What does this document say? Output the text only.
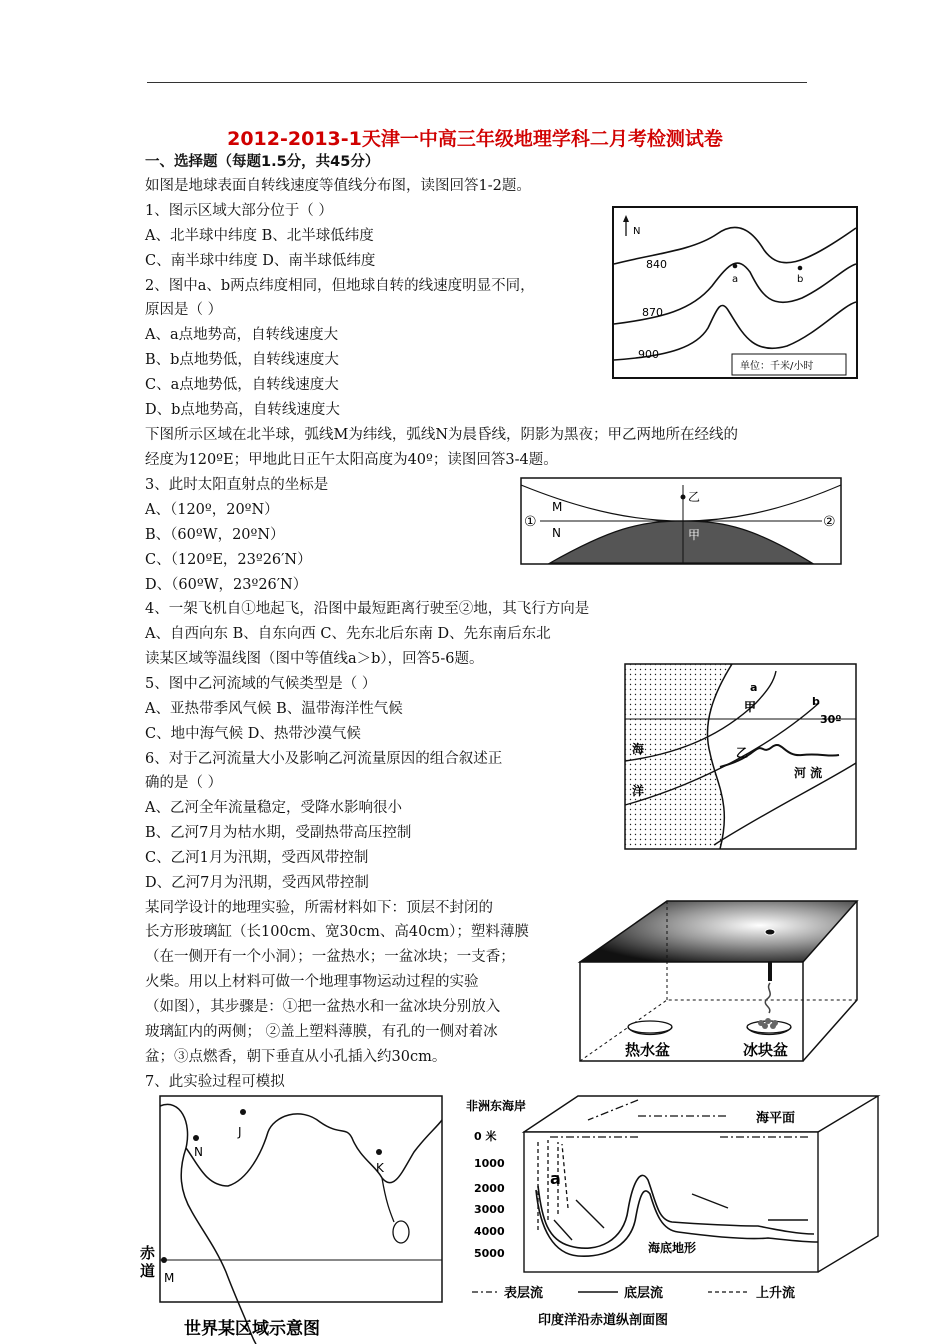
2012-2013-1天津一中高三年级地理学科二月考检测试卷
一、选择题（每题1.5分，共45分）
如图是地球表面自转线速度等值线分布图，读图回答1-2题。
1、图示区域大部分位于（ ）
A、北半球中纬度 B、北半球低纬度
C、南半球中纬度 D、南半球低纬度
2、图中a、b两点纬度相同，但地球自转的线速度明显不同，
原因是（ ）
A、a点地势高，自转线速度大
B、b点地势低，自转线速度大
C、a点地势低，自转线速度大
D、b点地势高，自转线速度大
下图所示区域在北半球，弧线M为纬线，弧线N为晨昏线，阴影为黑夜；甲乙两地所在经线的
经度为120ºE；甲地此日正午太阳高度为40º；读图回答3-4题。
3、此时太阳直射点的坐标是
A、（120º，20ºN）
B、（60ºW，20ºN）
C、（120ºE，23º26′N）
D、（60ºW，23º26′N）
4、一架飞机自①地起飞，沿图中最短距离行驶至②地，其飞行方向是
A、自西向东 B、自东向西 C、先东北后东南 D、先东南后东北
读某区域等温线图（图中等值线a＞b），回答5-6题。
5、图中乙河流域的气候类型是（ ）
A、亚热带季风气候 B、温带海洋性气候
C、地中海气候 D、热带沙漠气候
6、对于乙河流量大小及影响乙河流量原因的组合叙述正
确的是（ ）
A、乙河全年流量稳定，受降水影响很小
B、乙河7月为枯水期，受副热带高压控制
C、乙河1月为汛期，受西风带控制
D、乙河7月为汛期，受西风带控制
某同学设计的地理实验，所需材料如下：顶层不封闭的
长方形玻璃缸（长100cm、宽30cm、高40cm）；塑料薄膜
（在一侧开有一个小洞）；一盆热水；一盆冰块；一支香；
火柴。用以上材料可做一个地理事物运动过程的实验
（如图），其步骤是：①把一盆热水和一盆冰块分别放入
玻璃缸内的两侧； ②盖上塑料薄膜，有孔的一侧对着冰
盆；③点燃香，朝下垂直从小孔插入约30cm。
7、此实验过程可模拟
N
840
870
900
a	b
单位：千米/小时
乙
甲
M
N
①	②
a
b
30º
甲
乙
海
洋
河 流
热水盆	冰块盆
J
N
K
M
赤
道
世界某区域示意图
非洲东海岸
海平面
a
0 米
1000
2000
3000
4000
5000	海底地形
表层流	底层流	上升流
印度洋沿赤道纵剖面图
